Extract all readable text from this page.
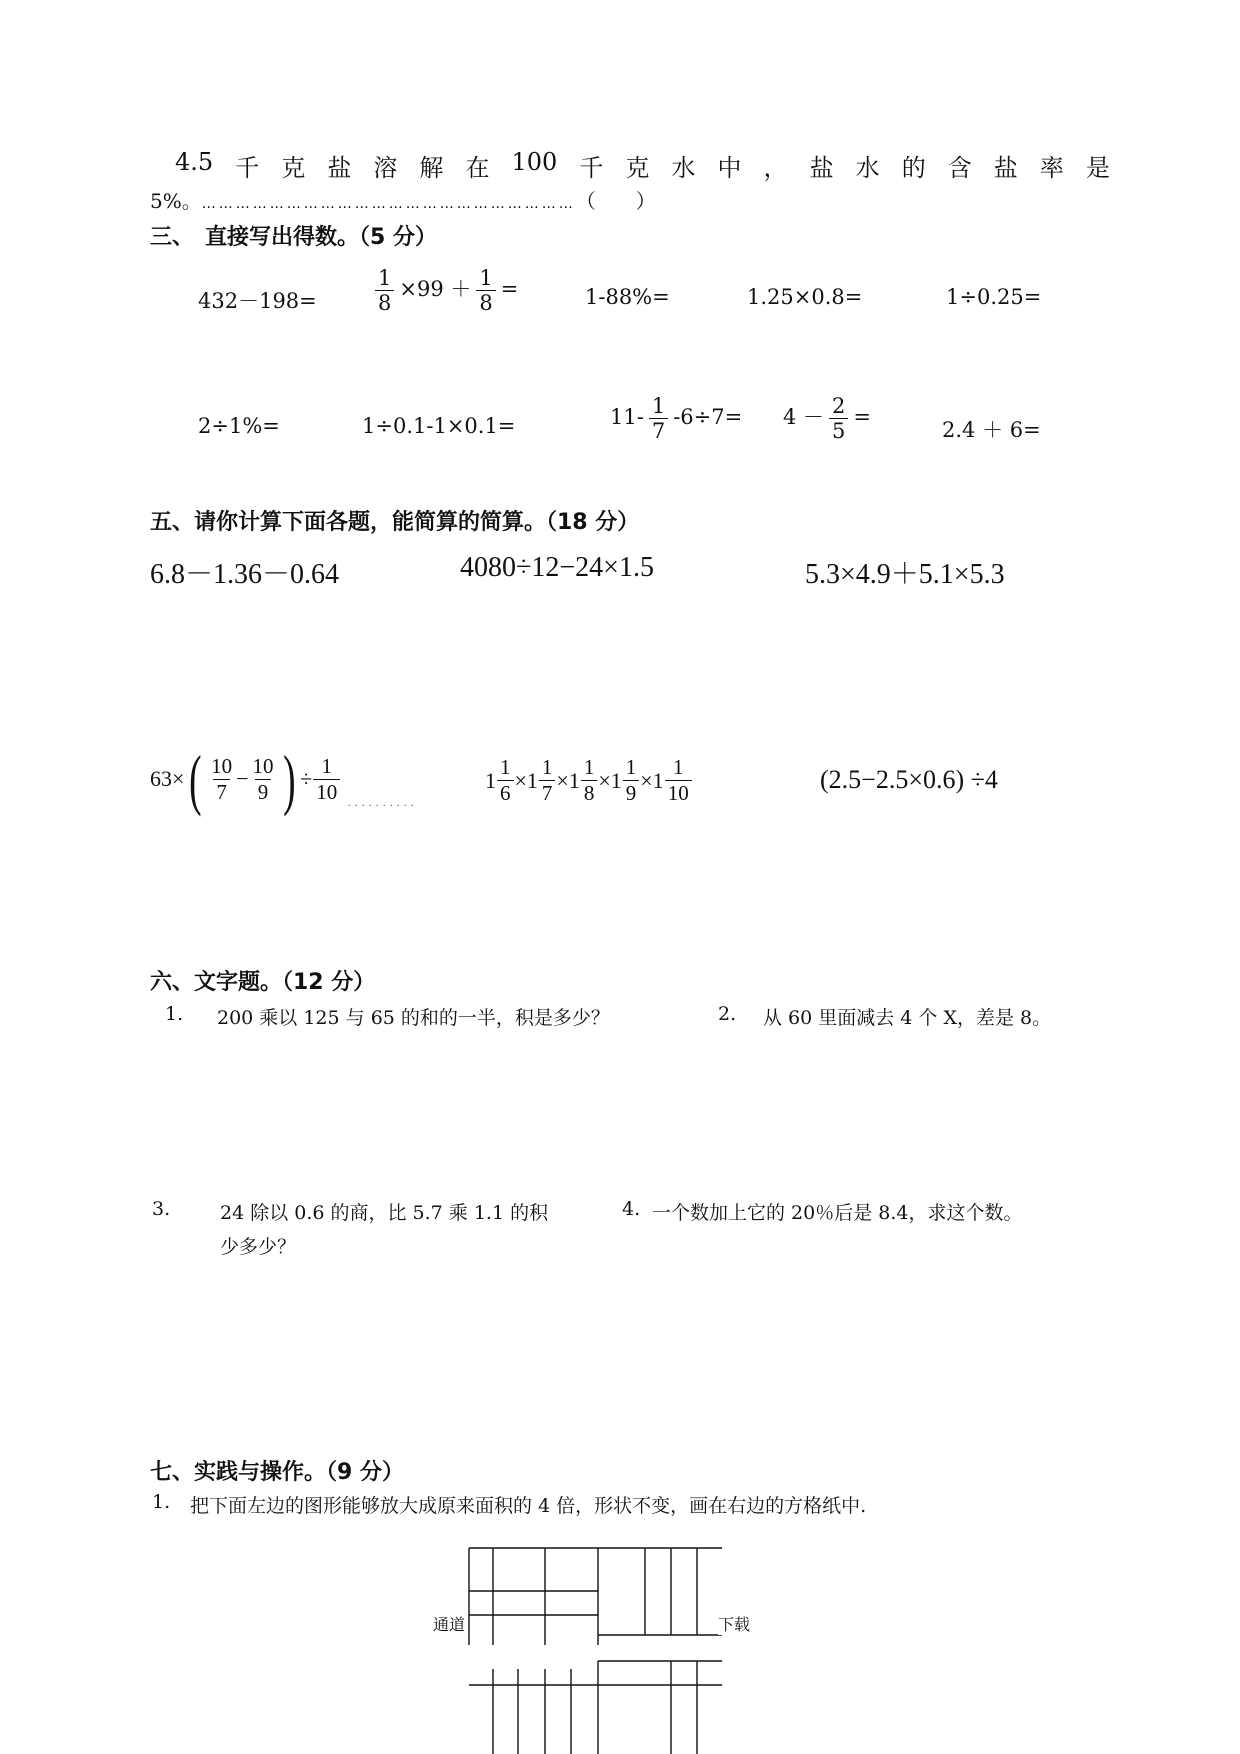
4.5 千 克 盐 溶 解 在 100 千 克 水 中 ， 盐 水 的 含 盐 率 是
5%。…………………………………………………………（　　）
三、　直接写出得数。（5 分）
432－198=	$\frac{1}{8} \times 99 + \frac{1}{8}$ =	1-88%=	1.25×0.8=	1÷0.25=
2÷1%=	1÷0.1-1×0.1=	$11- \frac{1}{7} -6\div 7= 4 - \frac{2}{5}$ =
2.4 ＋ 6=
五、请你计算下面各题，能简算的简算。（18 分）
6.8－1.36－0.64	4080÷12−24×1.5	5.3×4.9＋5.1×5.3
63× ( $\frac{10}{7} - \frac{10}{9}$ ) ÷ $\frac{1}{10}$
· · · · · · · · · ·
$1 \frac{1}{6} \times 1 \frac{1}{7} \times 1 \frac{1}{8} \times 1 \frac{1}{9} \times 1 \frac{1}{10}$	(2.5−2.5×0.6) ÷4
六、文字题。（12 分）
1. 200 乘以 125 与 65 的和的一半，积是多少？	2. 从 60 里面减去 4 个 X，差是 8。
3.	24 除以 0.6 的商，比 5.7 乘 1.1 的积
少多少？
4. 一个数加上它的 20％后是 8.4，求这个数。
七、实践与操作。（9 分）
1. 把下面左边的图形能够放大成原来面积的 4 倍，形状不变，画在右边的方格纸中.
通道	下载
